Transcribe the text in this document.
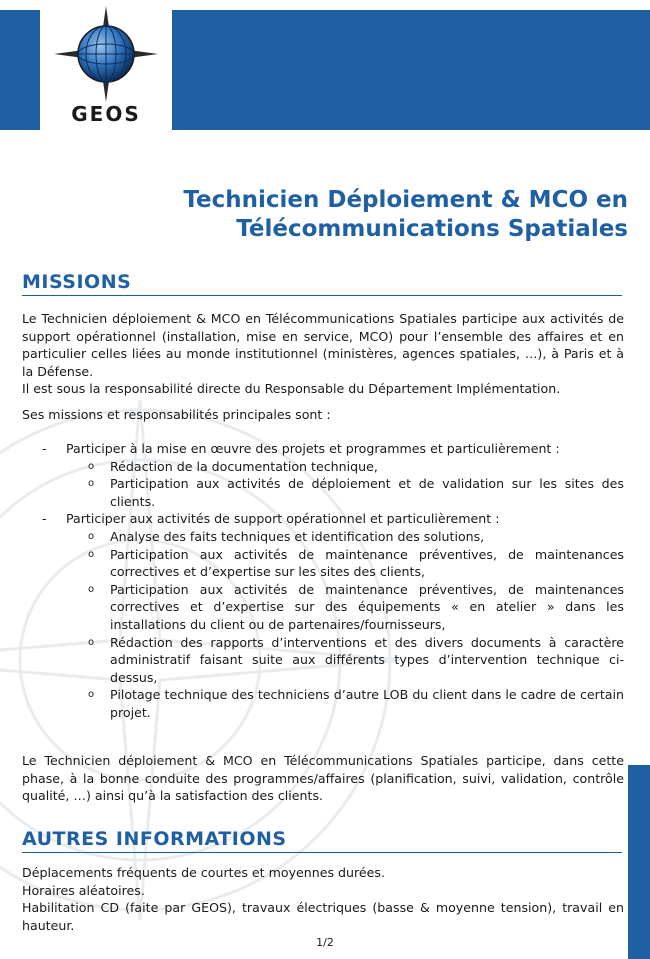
GEOS
Technicien Déploiement & MCO en
Télécommunications Spatiales
MISSIONS

Le Technicien déploiement & MCO en Télécommunications Spatiales participe aux activités de support opérationnel (installation, mise en service, MCO) pour l’ensemble des affaires et en particulier celles liées au monde institutionnel (ministères, agences spatiales, …), à Paris et à la Défense.

Il est sous la responsabilité directe du Responsable du Département Implémentation.

Ses missions et responsabilités principales sont :
- Participer à la mise en œuvre des projets et programmes et particulièrement :
o Rédaction de la documentation technique,
o Participation aux activités de déploiement et de validation sur les sites des clients.
- Participer aux activités de support opérationnel et particulièrement :
o Analyse des faits techniques et identification des solutions,
o Participation aux activités de maintenance préventives, de maintenances correctives et d’expertise sur les sites des clients,
o Participation aux activités de maintenance préventives, de maintenances correctives et d’expertise sur des équipements « en atelier » dans les installations du client ou de partenaires/fournisseurs,
o Rédaction des rapports d’interventions et des divers documents à caractère administratif faisant suite aux différents types d’intervention technique ci-dessus,
o Pilotage technique des techniciens d’autre LOB du client dans le cadre de certain projet.
Le Technicien déploiement & MCO en Télécommunications Spatiales participe, dans cette phase, à la bonne conduite des programmes/affaires (planification, suivi, validation, contrôle qualité, …) ainsi qu’à la satisfaction des clients.
AUTRES INFORMATIONS

Déplacements fréquents de courtes et moyennes durées.

Horaires aléatoires.

Habilitation CD (faite par GEOS), travaux électriques (basse & moyenne tension), travail en hauteur.

1/2
